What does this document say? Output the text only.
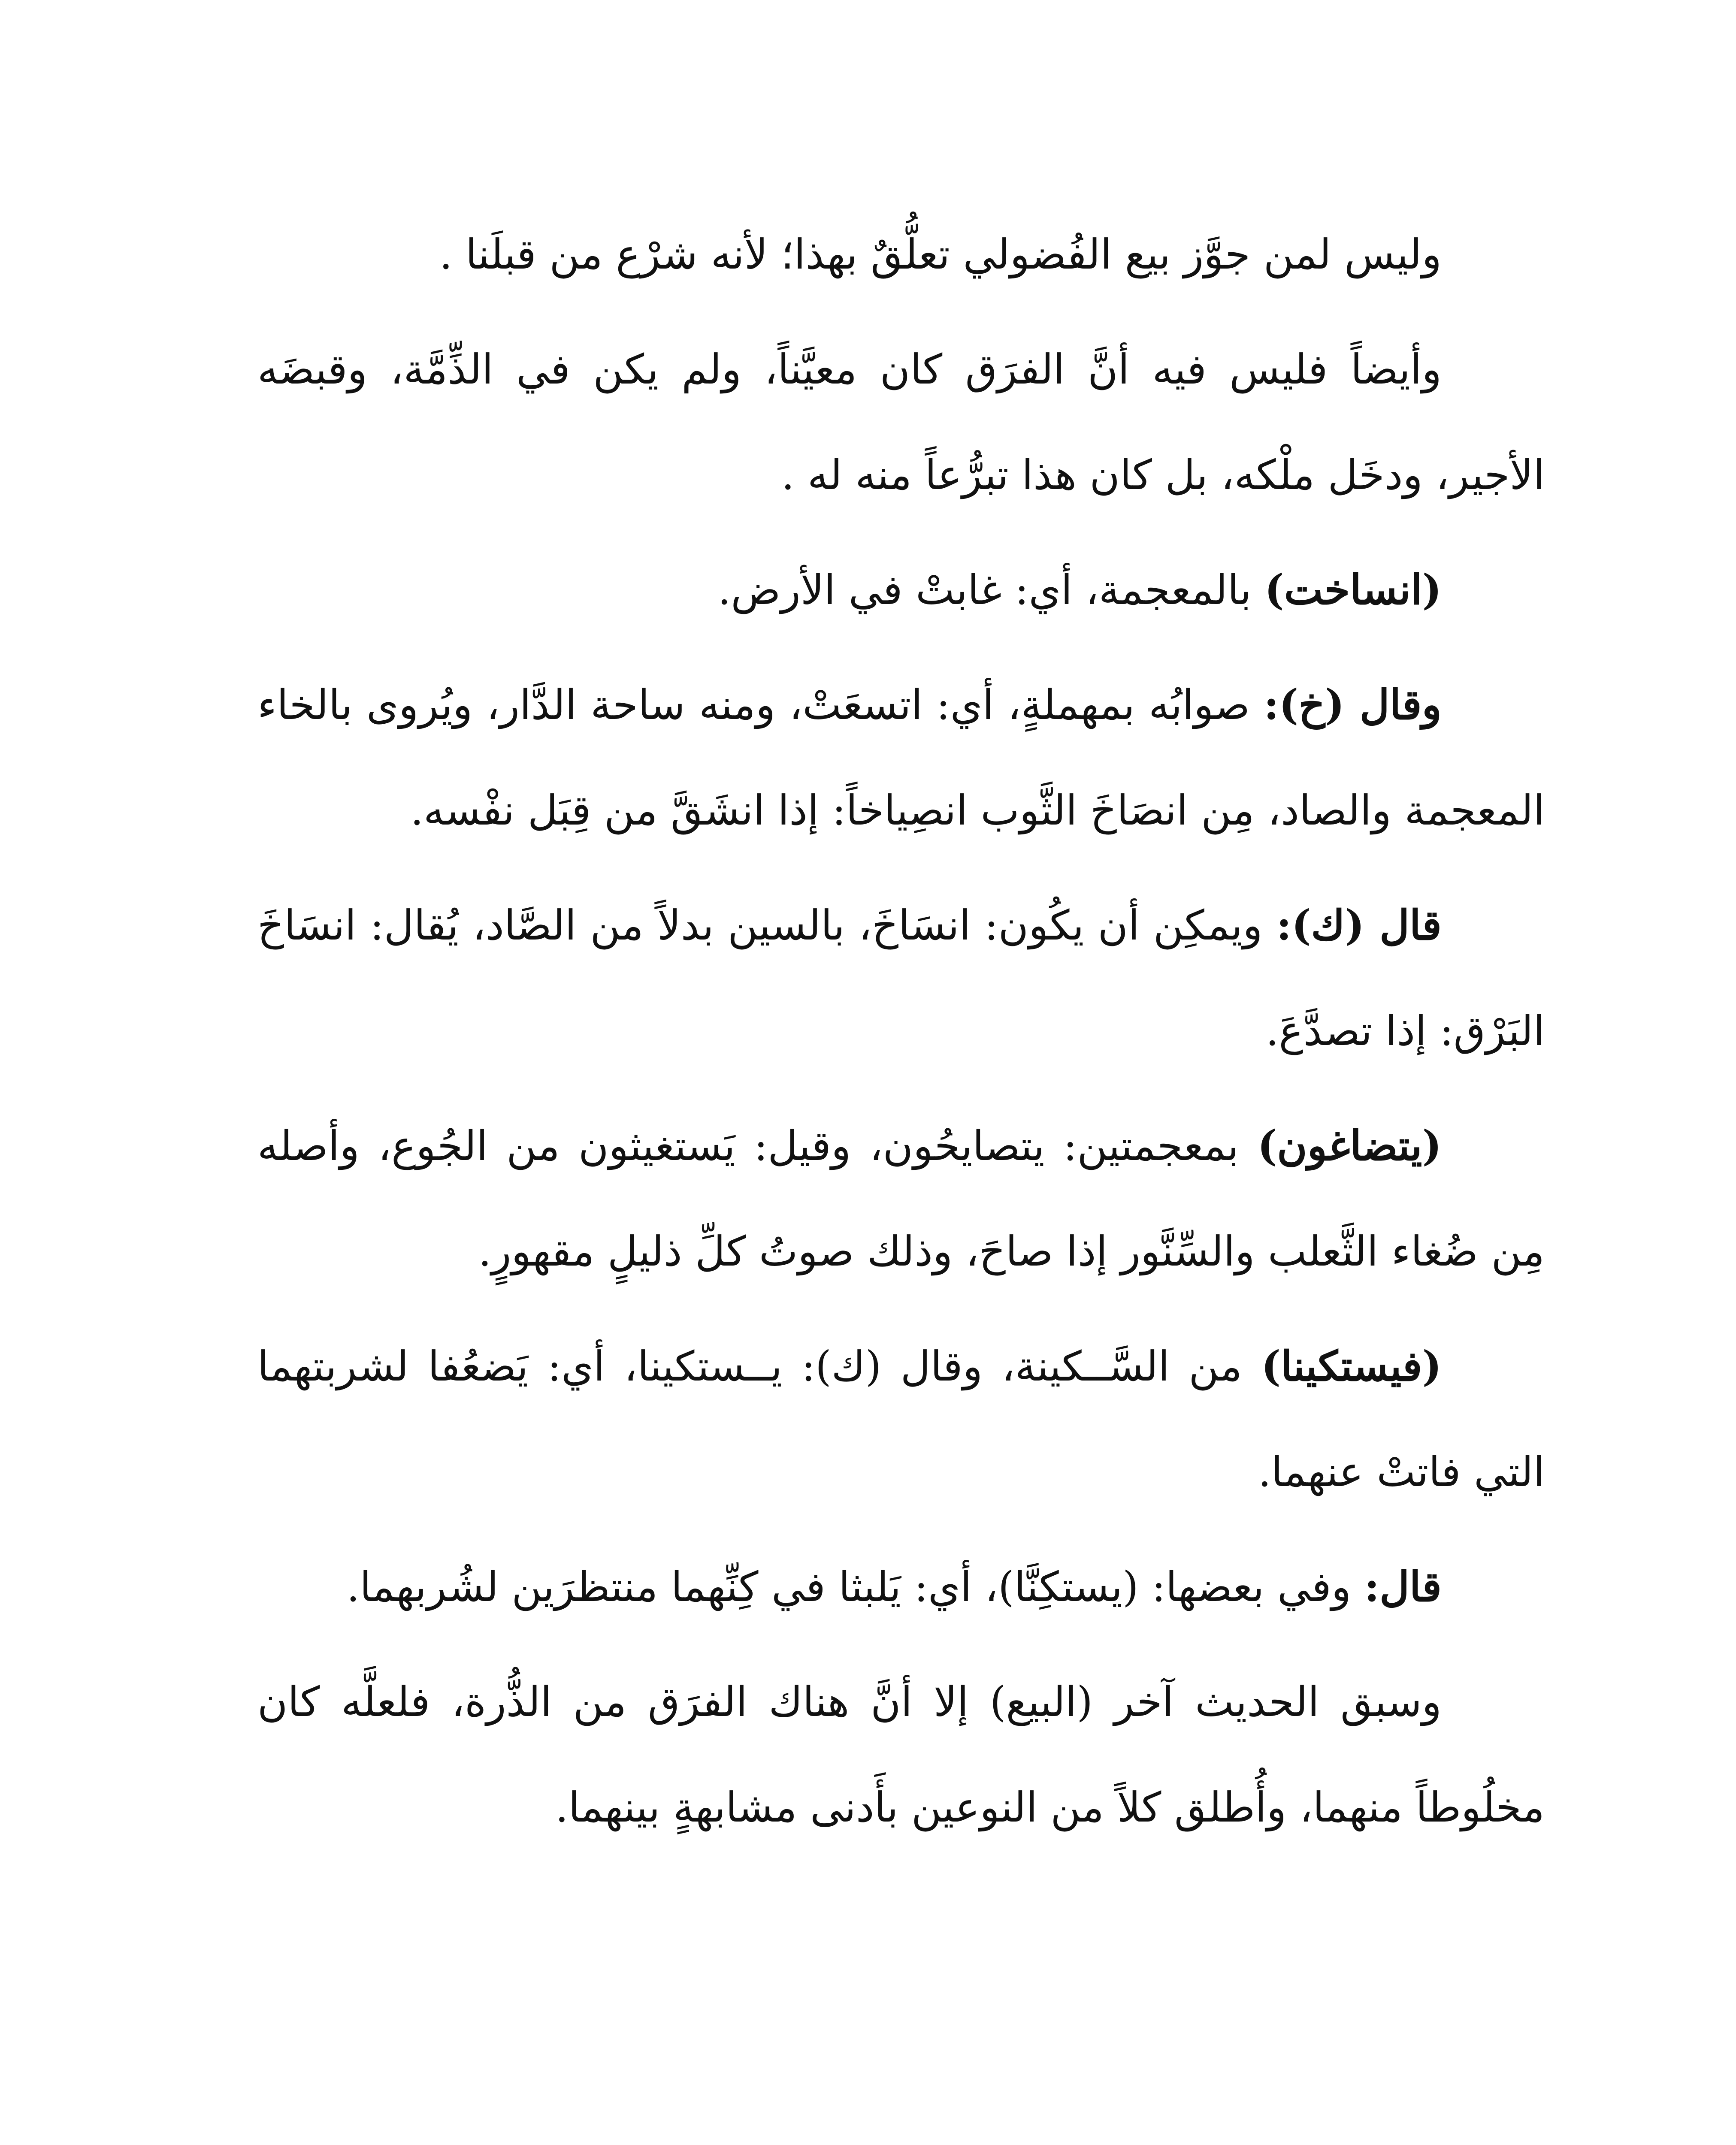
وليس لمن جوَّز بيع الفُضولي تعلُّقٌ بهذا؛ لأنه شرْع من قبلَنا .

وأيضاً فليس فيه أنَّ الفرَق كان معيَّناً، ولم يكن في الذِّمَّة، وقبضَه الأجير، ودخَل ملْكه، بل كان هذا تبرُّعاً منه له .

(انساخت) بالمعجمة، أي: غابتْ في الأرض.

وقال (خ): صوابُه بمهملةٍ، أي: اتسعَتْ، ومنه ساحة الدَّار، ويُروى بالخاء المعجمة والصاد، مِن انصَاخَ الثَّوب انصِياخاً: إذا انشَقَّ من قِبَل نفْسه.

قال (ك): ويمكِن أن يكُون: انسَاخَ، بالسين بدلاً من الصَّاد، يُقال: انسَاخَ البَرْق: إذا تصدَّعَ.

(يتضاغون) بمعجمتين: يتصايحُون، وقيل: يَستغيثون من الجُوع، وأصله مِن ضُغاء الثَّعلب والسِّنَّور إذا صاحَ، وذلك صوتُ كلِّ ذليلٍ مقهورٍ.

(فيستكينا) من السَّــكينة، وقال (ك): يــستكينا، أي: يَضعُفا لشربتهما التي فاتتْ عنهما.

قال: وفي بعضها: (يستكِنَّا)، أي: يَلبثا في كِنِّهما منتظرَين لشُربهما.

وسبق الحديث آخر (البيع) إلا أنَّ هناك الفرَق من الذُّرة، فلعلَّه كان مخلُوطاً منهما، وأُطلق كلاً من النوعين بأَدنى مشابهةٍ بينهما.
